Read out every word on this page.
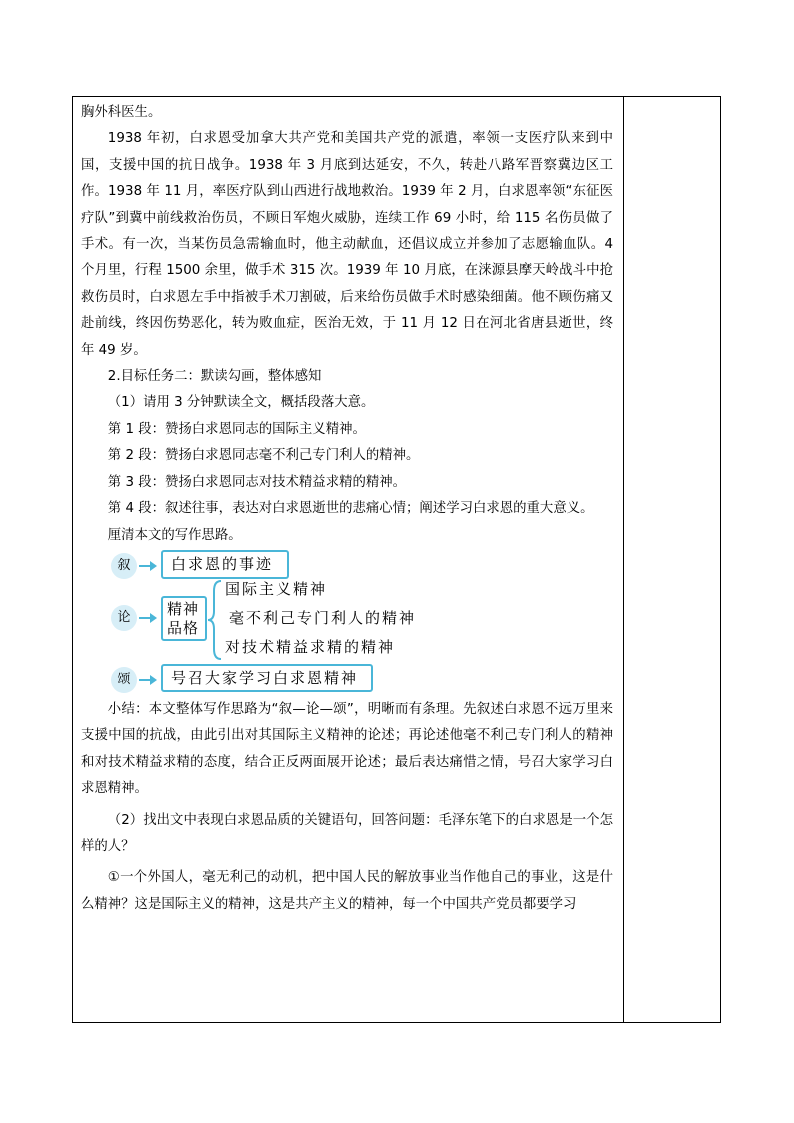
胸外科医生。

1938 年初，白求恩受加拿大共产党和美国共产党的派遣，率领一支医疗队来到中国，支援中国的抗日战争。1938 年 3 月底到达延安，不久，转赴八路军晋察冀边区工作。1938 年 11 月，率医疗队到山西进行战地救治。1939 年 2 月，白求恩率领“东征医疗队”到冀中前线救治伤员，不顾日军炮火威胁，连续工作 69 小时，给 115 名伤员做了手术。有一次，当某伤员急需输血时，他主动献血，还倡议成立并参加了志愿输血队。4 个月里，行程 1500 余里，做手术 315 次。1939 年 10 月底，在涞源县摩天岭战斗中抢救伤员时，白求恩左手中指被手术刀割破，后来给伤员做手术时感染细菌。他不顾伤痛又赴前线，终因伤势恶化，转为败血症，医治无效，于 11 月 12 日在河北省唐县逝世，终年 49 岁。

2.目标任务二：默读勾画，整体感知

（1）请用 3 分钟默读全文，概括段落大意。

第 1 段：赞扬白求恩同志的国际主义精神。

第 2 段：赞扬白求恩同志毫不利己专门利人的精神。

第 3 段：赞扬白求恩同志对技术精益求精的精神。

第 4 段：叙述往事，表达对白求恩逝世的悲痛心情；阐述学习白求恩的重大意义。

厘清本文的写作思路。

叙	白求恩的事迹
论	精神品格
国际主义精神
毫不利己专门利人的精神
对技术精益求精的精神
颂	号召大家学习白求恩精神

小结：本文整体写作思路为“叙—论—颂”，明晰而有条理。先叙述白求恩不远万里来支援中国的抗战，由此引出对其国际主义精神的论述；再论述他毫不利己专门利人的精神和对技术精益求精的态度，结合正反两面展开论述；最后表达痛惜之情，号召大家学习白求恩精神。

（2）找出文中表现白求恩品质的关键语句，回答问题：毛泽东笔下的白求恩是一个怎样的人？

①一个外国人，毫无利己的动机，把中国人民的解放事业当作他自己的事业，这是什么精神？这是国际主义的精神，这是共产主义的精神，每一个中国共产党员都要学习
